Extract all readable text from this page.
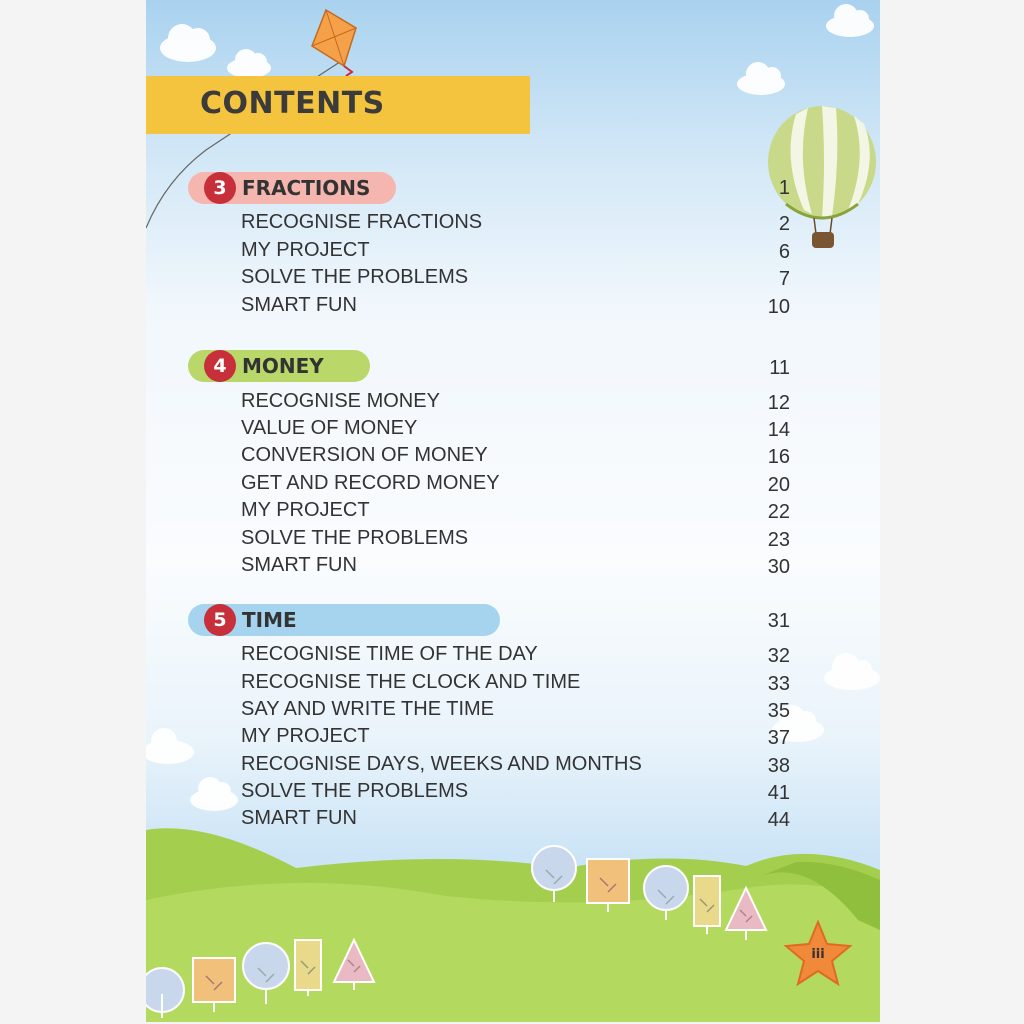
CONTENTS
3 FRACTIONS	1
RECOGNISE FRACTIONS	2
MY PROJECT	6
SOLVE THE PROBLEMS	7
SMART FUN	10
4 MONEY	11
RECOGNISE MONEY	12
VALUE OF MONEY	14
CONVERSION OF MONEY	16
GET AND RECORD MONEY	20
MY PROJECT	22
SOLVE THE PROBLEMS	23
SMART FUN	30
5 TIME	31
RECOGNISE TIME OF THE DAY	32
RECOGNISE THE CLOCK AND TIME	33
SAY AND WRITE THE TIME	35
MY PROJECT	37
RECOGNISE DAYS, WEEKS AND MONTHS	38
SOLVE THE PROBLEMS	41
SMART FUN	44
iii
